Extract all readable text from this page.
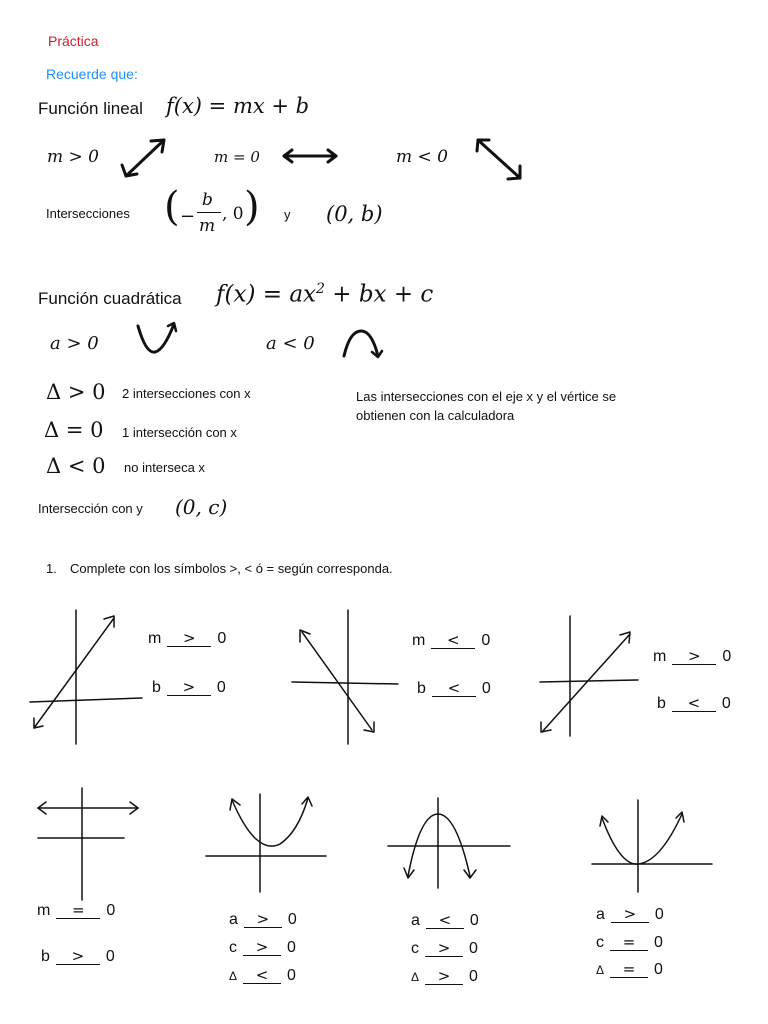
Práctica
Recuerde que:
Función lineal f(x) = mx + b
m > 0	m = 0	m < 0
Intersecciones ( −
b
m
, 0 ) y (0, b)
Función cuadrática $f(x) = ax^2$ + bx + c
a > 0	a < 0
Δ > 0 2 intersecciones con x
Δ = 0 1 intersección con x
Δ < 0 no interseca x
Las intersecciones con el eje x y el vértice se
obtienen con la calculadora
Intersección con y (0, c)
1. Complete con los símbolos >, < ó = según corresponda.
m > 0
b > 0
m < 0
b < 0
m > 0
b < 0
m = 0
b > 0
a > 0
c > 0
Δ < 0
a < 0
c > 0
Δ > 0
a > 0
c = 0
Δ = 0
